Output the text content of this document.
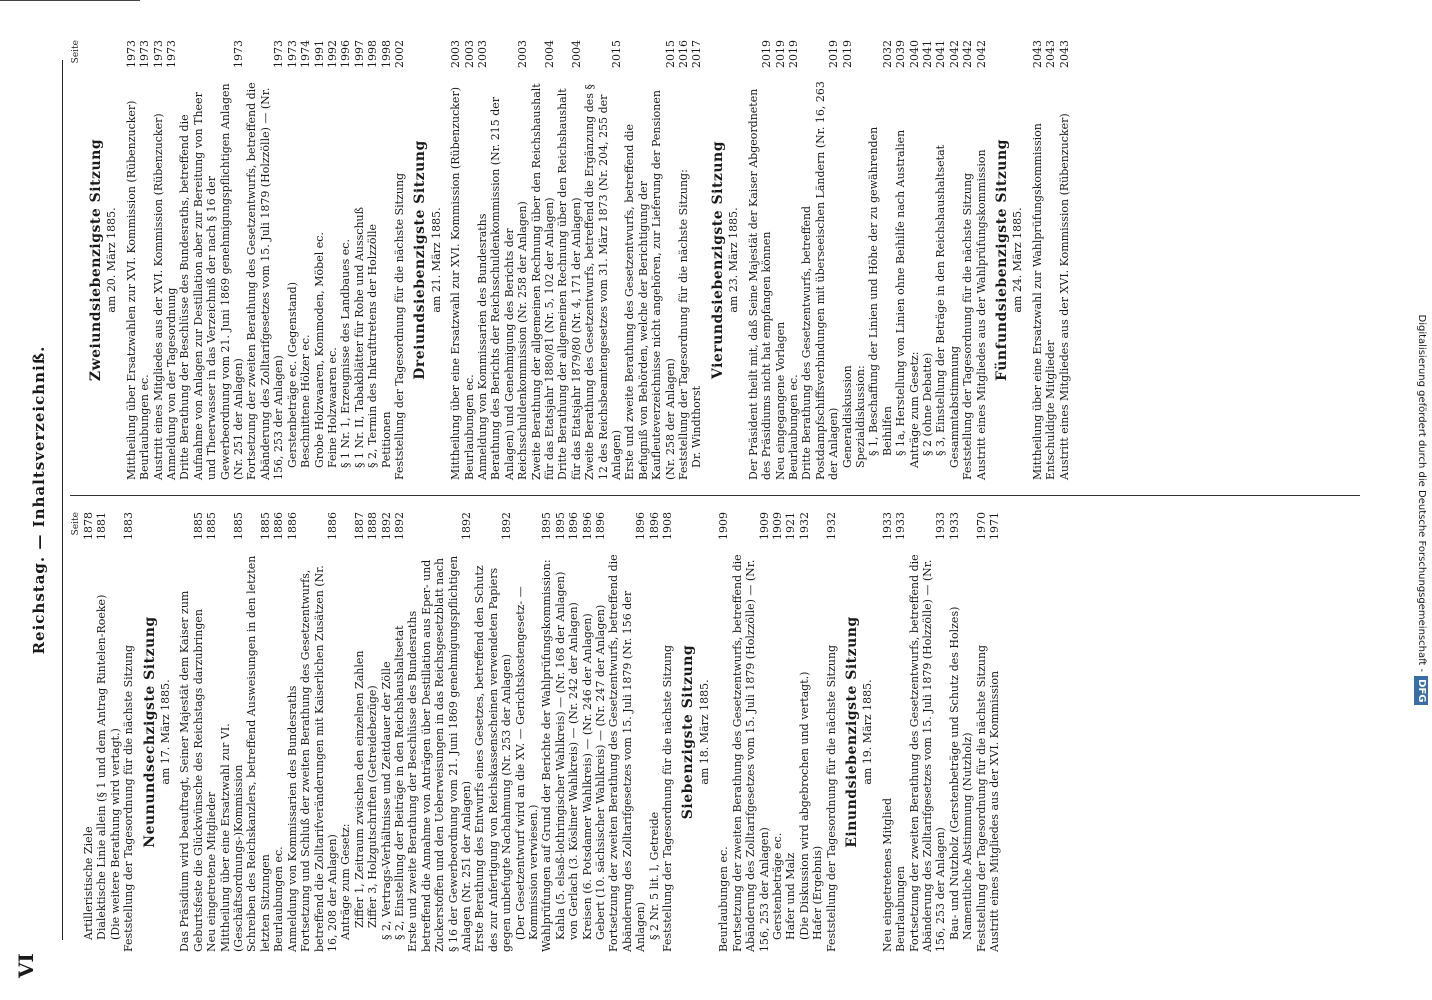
VI
Reichstag. — Inhaltsverzeichniß.	Seite
Artilleristische Ziele
1878
Dialektische Linie allein (§ 1 und dem Antrag Rintelen-Roeke)
1881
(Die weitere Berathung wird vertagt.) Feststellung der Tagesordnung für die nächste Sitzung
1883
Neunundsechzigste Sitzung am 17. März 1885. Das Präsidium wird beauftragt, Seiner Majestät dem Kaiser zum Geburtsfeste die Glückwünsche des Reichstags darzubringen
1885
Neu eingetretene Mitglieder
1885
Mittheilung über eine Ersatzwahl zur VI. (Geschäftsordnungs-)Kommission
1885
Schreiben des Reichskanzlers, betreffend Ausweisungen in den letzten letzten Sitzungen
1885
Beurlaubungen ec.
1886
Anmeldung von Kommissarien des Bundesraths
1886
Fortsetzung und Schluß der zweiten Berathung des Gesetzentwurfs, betreffend die Zolltarifveränderungen mit Kaiserlichen Zusätzen (Nr. 16, 208 der Anlagen)
1886
Anträge zum Gesetz: Ziffer 1, Zeitraum zwischen den einzelnen Zahlen
1887
Ziffer 3, Holzgutschriften (Getreidebezüge)
1888
§ 2, Vertrags-Verhältnisse und Zeitdauer der Zölle
1892
§ 2, Einstellung der Beiträge in den Reichshaushaltsetat
1892
Erste und zweite Berathung der Beschlüsse des Bundesraths betreffend die Annahme von Anträgen über Destillation aus Eper- und Zuckerstoffen und den Ueberweisungen in das Reichsgesetzblatt nach § 16 der Gewerbeordnung vom 21. Juni 1869 genehmigungspflichtigen Anlagen (Nr. 251 der Anlagen)
1892
Erste Berathung des Entwurfs eines Gesetzes, betreffend den Schutz des zur Anfertigung von Reichskassenscheinen verwendeten Papiers gegen unbefugte Nachahmung (Nr. 253 der Anlagen)
1892
(Der Gesetzentwurf wird an die XV. — Gerichtskostengesetz- — Kommission verwiesen.) Wahlprüfungen auf Grund der Berichte der Wahlprüfungskommission:
1895
Kahla (5. elsaß-lothringischer Wahlkreis) — (Nr. 168 der Anlagen)
1895
von Gerlach (3. Kösliner Wahlkreis) — (Nr. 242 der Anlagen)
1896
Kreisen (6. Potsdamer Wahlkreis) — (Nr. 246 der Anlagen)
1896
Gebert (10. sächsischer Wahlkreis) — (Nr. 247 der Anlagen)
1896
Fortsetzung der zweiten Berathung des Gesetzentwurfs, betreffend die Abänderung des Zolltarifgesetzes vom 15. Juli 1879 (Nr. 156 der Anlagen)
1896
§ 2 Nr. 5 lit. l, Getreide
1896
Feststellung der Tagesordnung für die nächste Sitzung
1908
Siebenzigste Sitzung am 18. März 1885.
Beurlaubungen ec.
1909
Fortsetzung der zweiten Berathung des Gesetzentwurfs, betreffend die Abänderung des Zolltarifgesetzes vom 15. Juli 1879 (Holzzölle) — (Nr. 156, 253 der Anlagen)
1909
Gerstenbeträge ec.
1909
Hafer und Malz
1921
(Die Diskussion wird abgebrochen und vertagt.)
1932
Hafer (Ergebnis) Feststellung der Tagesordnung für die nächste Sitzung
1932
Einundsiebenzigste Sitzung am 19. März 1885.
Neu eingetretenes Mitglied
1933
Beurlaubungen
1933
Fortsetzung der zweiten Berathung des Gesetzentwurfs, betreffend die Abänderung des Zolltarifgesetzes vom 15. Juli 1879 (Holzzölle) — (Nr. 156, 253 der Anlagen)
1933
Bau- und Nutzholz (Gerstenbeträge und Schutz des Holzes)
1933
Namentliche Abstimmung (Nutzholz) Feststellung der Tagesordnung für die nächste Sitzung
1970
Austritt eines Mitgliedes aus der XVI. Kommission
1971
Seite
Zweiundsiebenzigste Sitzung am 20. März 1885. Mittheilung über Ersatzwahlen zur XVI. Kommission (Rübenzucker)
1973
Beurlaubungen ec.
1973
Austritt eines Mitgliedes aus der XVI. Kommission (Rübenzucker)
1973
Anmeldung von der Tagesordnung
1973
Dritte Berathung der Beschlüsse des Bundesraths, betreffend die Aufnahme von Anlagen zur Destillation aber zur Bereitung von Theer und Theerwasser in das Verzeichniß der nach § 16 der Gewerbeordnung vom 21. Juni 1869 genehmigungspflichtigen Anlagen (Nr. 251 der Anlagen)
1973
Fortsetzung der zweiten Berathung des Gesetzentwurfs, betreffend die Abänderung des Zolltarifgesetzes vom 15. Juli 1879 (Holzzölle) — (Nr. 156, 253 der Anlagen)
1973
Gerstenbeträge ec. (Gegenstand)
1973
Beschnittene Hölzer ec.
1974
Grobe Holzwaaren, Kommoden, Möbel ec.
1991
Feine Holzwaaren ec.
1992
§ 1 Nr. 1, Erzeugnisse des Landbaues ec.
1996
§ 1 Nr. II, Tabakblätter für Rohe und Ausschuß
1997
§ 2, Termin des Inkrafttretens der Holzzölle
1998
Petitionen
1998
Feststellung der Tagesordnung für die nächste Sitzung
2002
Dreiundsiebenzigste Sitzung am 21. März 1885. Mittheilung über eine Ersatzwahl zur XVI. Kommission (Rübenzucker)
2003
Beurlaubungen ec.
2003
Anmeldung von Kommissarien des Bundesraths
2003
Berathung des Berichts der Reichsschuldenkommission (Nr. 215 der Anlagen) und Genehmigung des Berichts der Reichsschuldenkommission (Nr. 258 der Anlagen)
2003
Zweite Berathung der allgemeinen Rechnung über den Reichshaushalt für das Etatsjahr 1880/81 (Nr. 5, 102 der Anlagen)
2004
Dritte Berathung der allgemeinen Rechnung über den Reichshaushalt für das Etatsjahr 1879/80 (Nr. 4, 171 der Anlagen)
2004
Zweite Berathung des Gesetzentwurfs, betreffend die Ergänzung des § 12 des Reichsbeamtengesetzes vom 31. März 1873 (Nr. 204, 255 der Anlagen)
2015
Erste und zweite Berathung des Gesetzentwurfs, betreffend die Befugniß von Behörden, welche der Berichtigung der Kaufleuteverzeichnisse nicht angehören, zur Lieferung der Pensionen (Nr. 258 der Anlagen)
2015
Feststellung der Tagesordnung für die nächste Sitzung:
2016
Dr. Windthorst
2017
Vierundsiebenzigste Sitzung am 23. März 1885. Der Präsident theilt mit, daß Seine Majestät der Kaiser Abgeordneten des Präsidiums nicht hat empfangen können
2019
Neu eingegangene Vorlagen
2019
Beurlaubungen ec.
2019
Dritte Berathung des Gesetzentwurfs, betreffend Postdampfschiffsverbindungen mit überseeischen Ländern (Nr. 16, 263 der Anlagen)
2019
Generaldiskussion
2019
Spezialdiskussion: § 1, Beschaffung der Linien und Höhe der zu gewährenden Beihilfen
2032
§ 1a, Herstellung von Linien ohne Beihilfe nach Australien
2039
Anträge zum Gesetz:
2040
§ 2 (ohne Debatte)
2041
§ 3, Einstellung der Beträge in den Reichshaushaltsetat
2041
Gesammtabstimmung
2042
Feststellung der Tagesordnung für die nächste Sitzung
2042
Austritt eines Mitgliedes aus der Wahlprüfungskommission
2042
Fünfundsiebenzigste Sitzung am 24. März 1885. Mittheilung über eine Ersatzwahl zur Wahlprüfungskommission
2043
Entschuldigte Mitglieder
2043
Austritt eines Mitgliedes aus der XVI. Kommission (Rübenzucker)
2043
Digitalisierung gefördert durch die Deutsche Forschungsgemeinschaft -DFG
